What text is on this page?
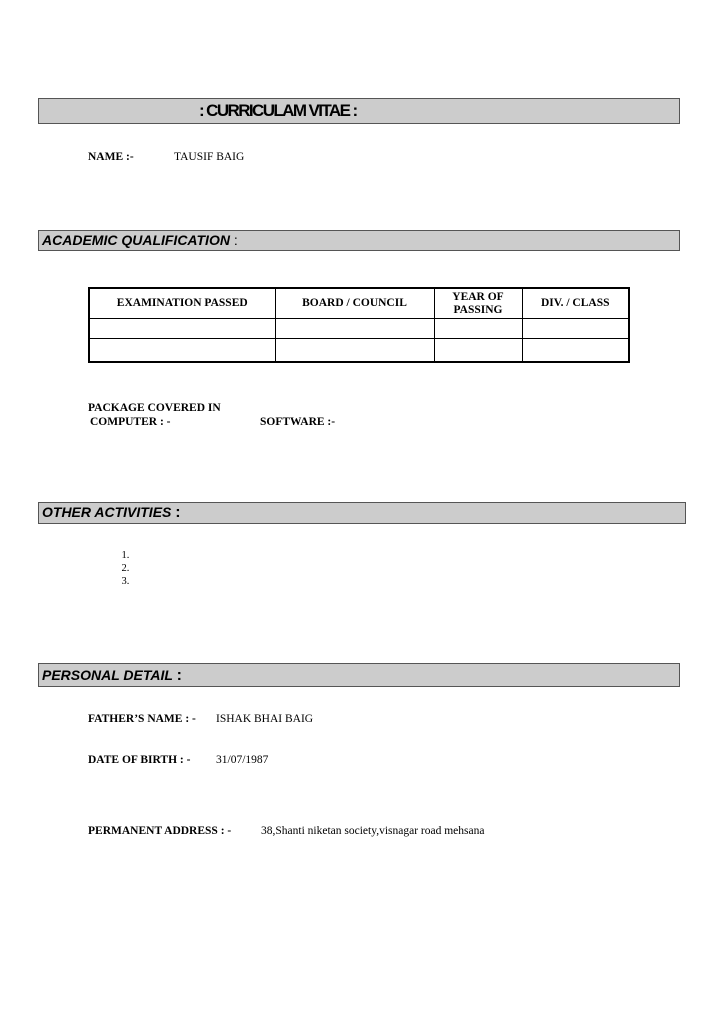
: CURRICULAM VITAE :
NAME :-	TAUSIF BAIG
ACADEMIC QUALIFICATION :
EXAMINATION PASSED	BOARD / COUNCIL	YEAR OF PASSING	DIV. / CLASS

PACKAGE COVERED IN
COMPUTER : -	SOFTWARE :-
OTHER ACTIVITIES :
PERSONAL DETAIL :
FATHER’S NAME : - ISHAK BHAI BAIG
DATE OF BIRTH : - 31/07/1987
PERMANENT ADDRESS : -	38,Shanti niketan society,visnagar road mehsana
